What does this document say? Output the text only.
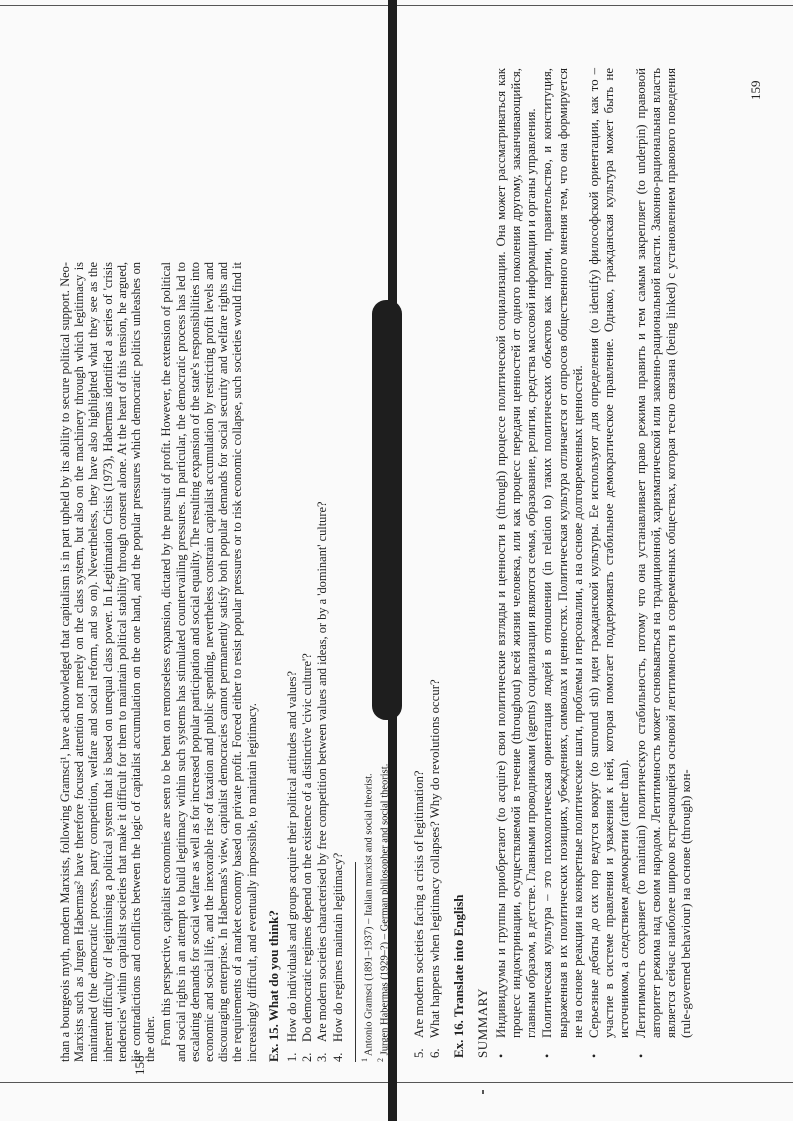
than a bourgeois myth, modern Marxists, following Gramsci¹, have acknowledged that capitalism is in part upheld by its ability to secure political support. Neo-Marxists such as Jurgen Habermas² have therefore focused attention not merely on the class system, but also on the machinery through which legitimacy is maintained (the democratic process, party competition, welfare and social reform, and so on). Nevertheless, they have also highlighted what they see as the inherent difficulty of legitimising a political system that is based on unequal class power. In Legitimation Crisis (1973), Habermas identified a series of 'crisis tendencies' within capitalist societies that make it difficult for them to maintain political stability through consent alone. At the heart of this tension, he argued, lie contradictions and conflicts between the logic of capitalist accumulation on the one hand, and the popular pressures which democratic politics unleashes on the other. From this perspective, capitalist economies are seen to be bent on remorseless expansion, dictated by the pursuit of profit. However, the extension of political and social rights in an attempt to build legitimacy within such systems has stimulated countervailing pressures. In particular, the democratic process has led to escalating demands for social welfare as well as for increased popular participation and social equality. The resulting expansion of the state's responsibilities into economic and social life, and the inexorable rise of taxation and public spending, nevertheless constrain capitalist accumulation by restricting profit levels and discouraging enterprise. In Habermas's view, capitalist democracies cannot permanently satisfy both popular demands for social security and welfare rights and the requirements of a market economy based on private profit. Forced either to resist popular pressures or to risk economic collapse, such societies would find it increasingly difficult, and eventually impossible, to maintain legitimacy. Ex. 15. What do you think? 1.
How do individuals and groups acquire their political attitudes and values?
2.
Do democratic regimes depend on the existence of a distinctive 'civic culture'?
3.
Are modern societies characterised by free competition between values and ideas, or by a 'dominant' culture?
4.
How do regimes maintain legitimacy?
$^1$ Antonio Gramsci (1891–1937) – Italian marxist and social theorist.
$^2$ Jurgen Habermas (1929–?) – German philosopher and social theorist. 5.
Are modern societies facing a crisis of legitimation?
6.
What happens when legitimacy collapses? Why do revolutions occur? Ex. 16. Translate into English SUMMARY •
Индивидуумы и группы приобретают (to acquire) свои политические взгляды и ценности в (through) процессе политической социализации. Она может рассматриваться как процесс индоктринации, осуществляемой в течение (throughout) всей жизни человека, или как процесс передачи ценностей от одного поколения другому, заканчивающийся, главным образом, в детстве. Главными проводниками (agents) социализации являются семья, образование, религия, средства массовой информации и органы управления.
•
Политическая культура – это психологическая ориентация людей в отношении (in relation to) таких политических объектов как партии, правительство, и конституция, выраженная в их политических позициях, убеждениях, символах и ценностях. Политическая культура отличается от опросов общественного мнения тем, что она формируется не на основе реакции на конкретные политические шаги, проблемы и персоналии, а на основе долговременных ценностей.
•
Серьезные дебаты до сих пор ведутся вокруг (to surround sth) идеи гражданской культуры. Ее используют для определения (to identify) философской ориентации, как то – участие в системе правления и уважения к ней, которая помогает поддерживать стабильное демократическое правление. Однако, гражданская культура может быть не источником, а следствием демократии (rather than).
•
Легитимность сохраняет (to maintain) политическую стабильность, потому что она устанавливает право режима править и тем самым закрепляет (to underpin) правовой авторитет режима над своим народом. Легитимность может основываться на традиционной, харизматической или законно-рациональной власти. Законно-рациональная власть является сейчас наиболее широко встречающейся основой легитимности в современных обществах, которая тесно связана (being linked) с установлением правового поведения (rule-governed behaviour) на основе (through) кон-
158
159
